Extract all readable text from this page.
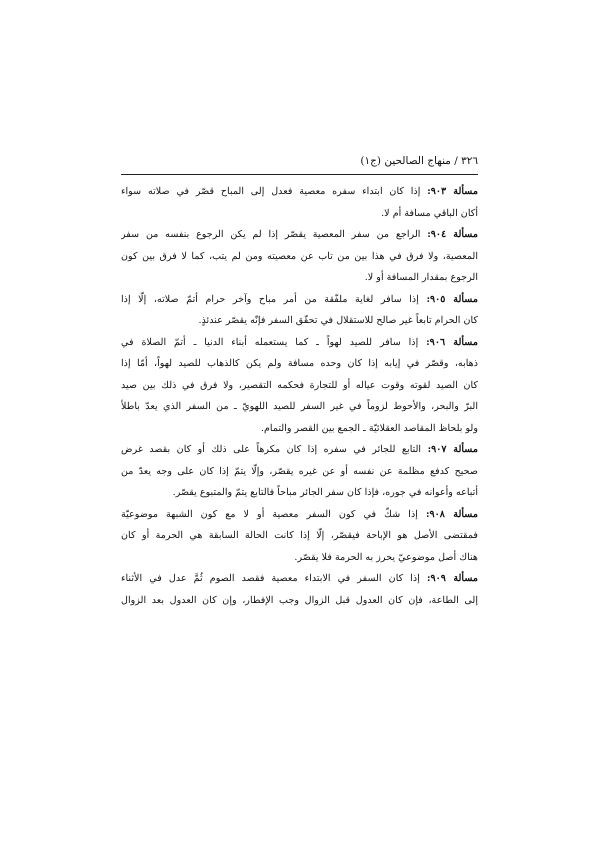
٣٢٦ / منهاج الصالحين (ج١)

مسألة ٩٠٣: إذا كان ابتداء سفره معصية فعدل إلى المباح قصّر في صلاته سواء
أكان الباقي مسافة أم لا.

مسألة ٩٠٤: الراجع من سفر المعصية يقصّر إذا لم يكن الرجوع بنفسه من سفر
المعصية، ولا فرق في هذا بين من تاب عن معصيته ومن لم يتب، كما لا فرق بين كون
الرجوع بمقدار المسافة أو لا.

مسألة ٩٠٥: إذا سافر لغاية ملفّقة من أمر مباح وآخر حرام أتمّ صلاته، إلّا إذا
كان الحرام تابعاً غير صالح للاستقلال في تحقّق السفر فإنّه يقصّر عندئذٍ.

مسألة ٩٠٦: إذا سافر للصيد لهواً ـ كما يستعمله أبناء الدنيا ـ أتمّ الصلاة في
ذهابه، وقصّر في إيابه إذا كان وحده مسافة ولم يكن كالذهاب للصيد لهواً، أمّا إذا
كان الصيد لقوته وقوت عياله أو للتجارة فحكمه التقصير، ولا فرق في ذلك بين صيد
البرّ والبحر، والأحوط لزوماً في غير السفر للصيد اللهويّ ـ من السفر الذي يعدّ باطلاً
ولو بلحاظ المقاصد العقلائيّة ـ الجمع بين القصر والتمام.

مسألة ٩٠٧: التابع للجائر في سفره إذا كان مكرهاً على ذلك أو كان بقصد غرض
صحيح كدفع مظلمة عن نفسه أو عن غيره يقصّر، وإلّا يتمّ إذا كان على وجه يعدّ من
أتباعه وأعوانه في جوره، فإذا كان سفر الجائر مباحاً فالتابع يتمّ والمتبوع يقصّر.

مسألة ٩٠٨: إذا شكّ في كون السفر معصية أو لا مع كون الشبهة موضوعيّة
فمقتضى الأصل هو الإباحة فيقصّر، إلّا إذا كانت الحالة السابقة هي الحرمة أو كان
هناك أصل موضوعيّ يحرز به الحرمة فلا يقصّر.

مسألة ٩٠٩: إذا كان السفر في الابتداء معصية فقصد الصوم ثُمَّ عدل في الأثناء
إلى الطاعة، فإن كان العدول قبل الزوال وجب الإفطار، وإن كان العدول بعد الزوال
